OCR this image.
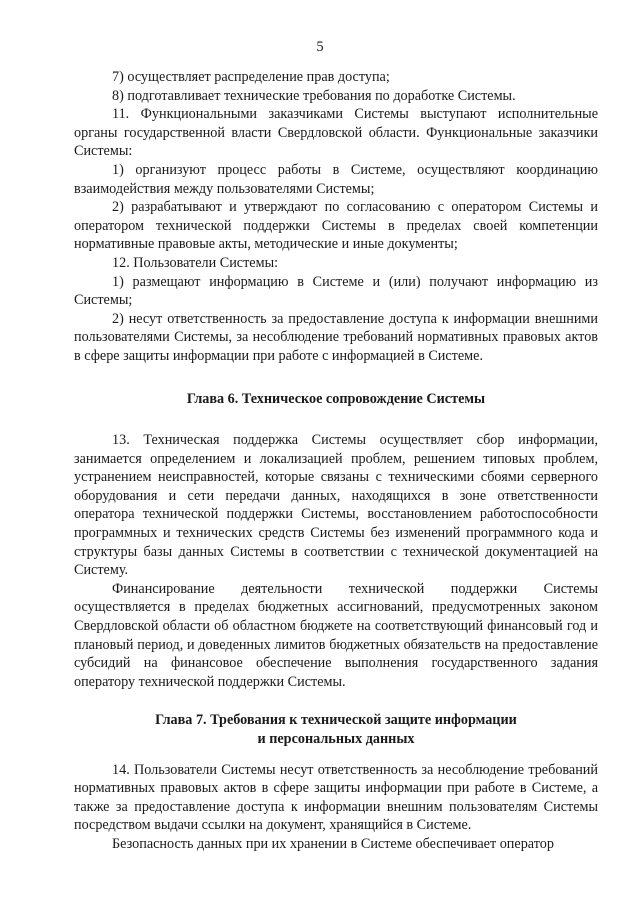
5

7) осуществляет распределение прав доступа;

8) подготавливает технические требования по доработке Системы.

11. Функциональными заказчиками Системы выступают исполнительные органы государственной власти Свердловской области. Функциональные заказчики Системы:

1) организуют процесс работы в Системе, осуществляют координацию взаимодействия между пользователями Системы;

2) разрабатывают и утверждают по согласованию с оператором Системы и оператором технической поддержки Системы в пределах своей компетенции нормативные правовые акты, методические и иные документы;

12. Пользователи Системы:

1) размещают информацию в Системе и (или) получают информацию из Системы;

2) несут ответственность за предоставление доступа к информации внешними пользователями Системы, за несоблюдение требований нормативных правовых актов в сфере защиты информации при работе с информацией в Системе.

Глава 6. Техническое сопровождение Системы

13. Техническая поддержка Системы осуществляет сбор информации, занимается определением и локализацией проблем, решением типовых проблем, устранением неисправностей, которые связаны с техническими сбоями серверного оборудования и сети передачи данных, находящихся в зоне ответственности оператора технической поддержки Системы, восстановлением работоспособности программных и технических средств Системы без изменений программного кода и структуры базы данных Системы в соответствии с технической документацией на Систему.

Финансирование деятельности технической поддержки Системы осуществляется в пределах бюджетных ассигнований, предусмотренных законом Свердловской области об областном бюджете на соответствующий финансовый год и плановый период, и доведенных лимитов бюджетных обязательств на предоставление субсидий на финансовое обеспечение выполнения государственного задания оператору технической поддержки Системы.

Глава 7. Требования к технической защите информации

и персональных данных

14. Пользователи Системы несут ответственность за несоблюдение требований нормативных правовых актов в сфере защиты информации при работе в Системе, а также за предоставление доступа к информации внешним пользователям Системы посредством выдачи ссылки на документ, хранящийся в Системе.

Безопасность данных при их хранении в Системе обеспечивает оператор
